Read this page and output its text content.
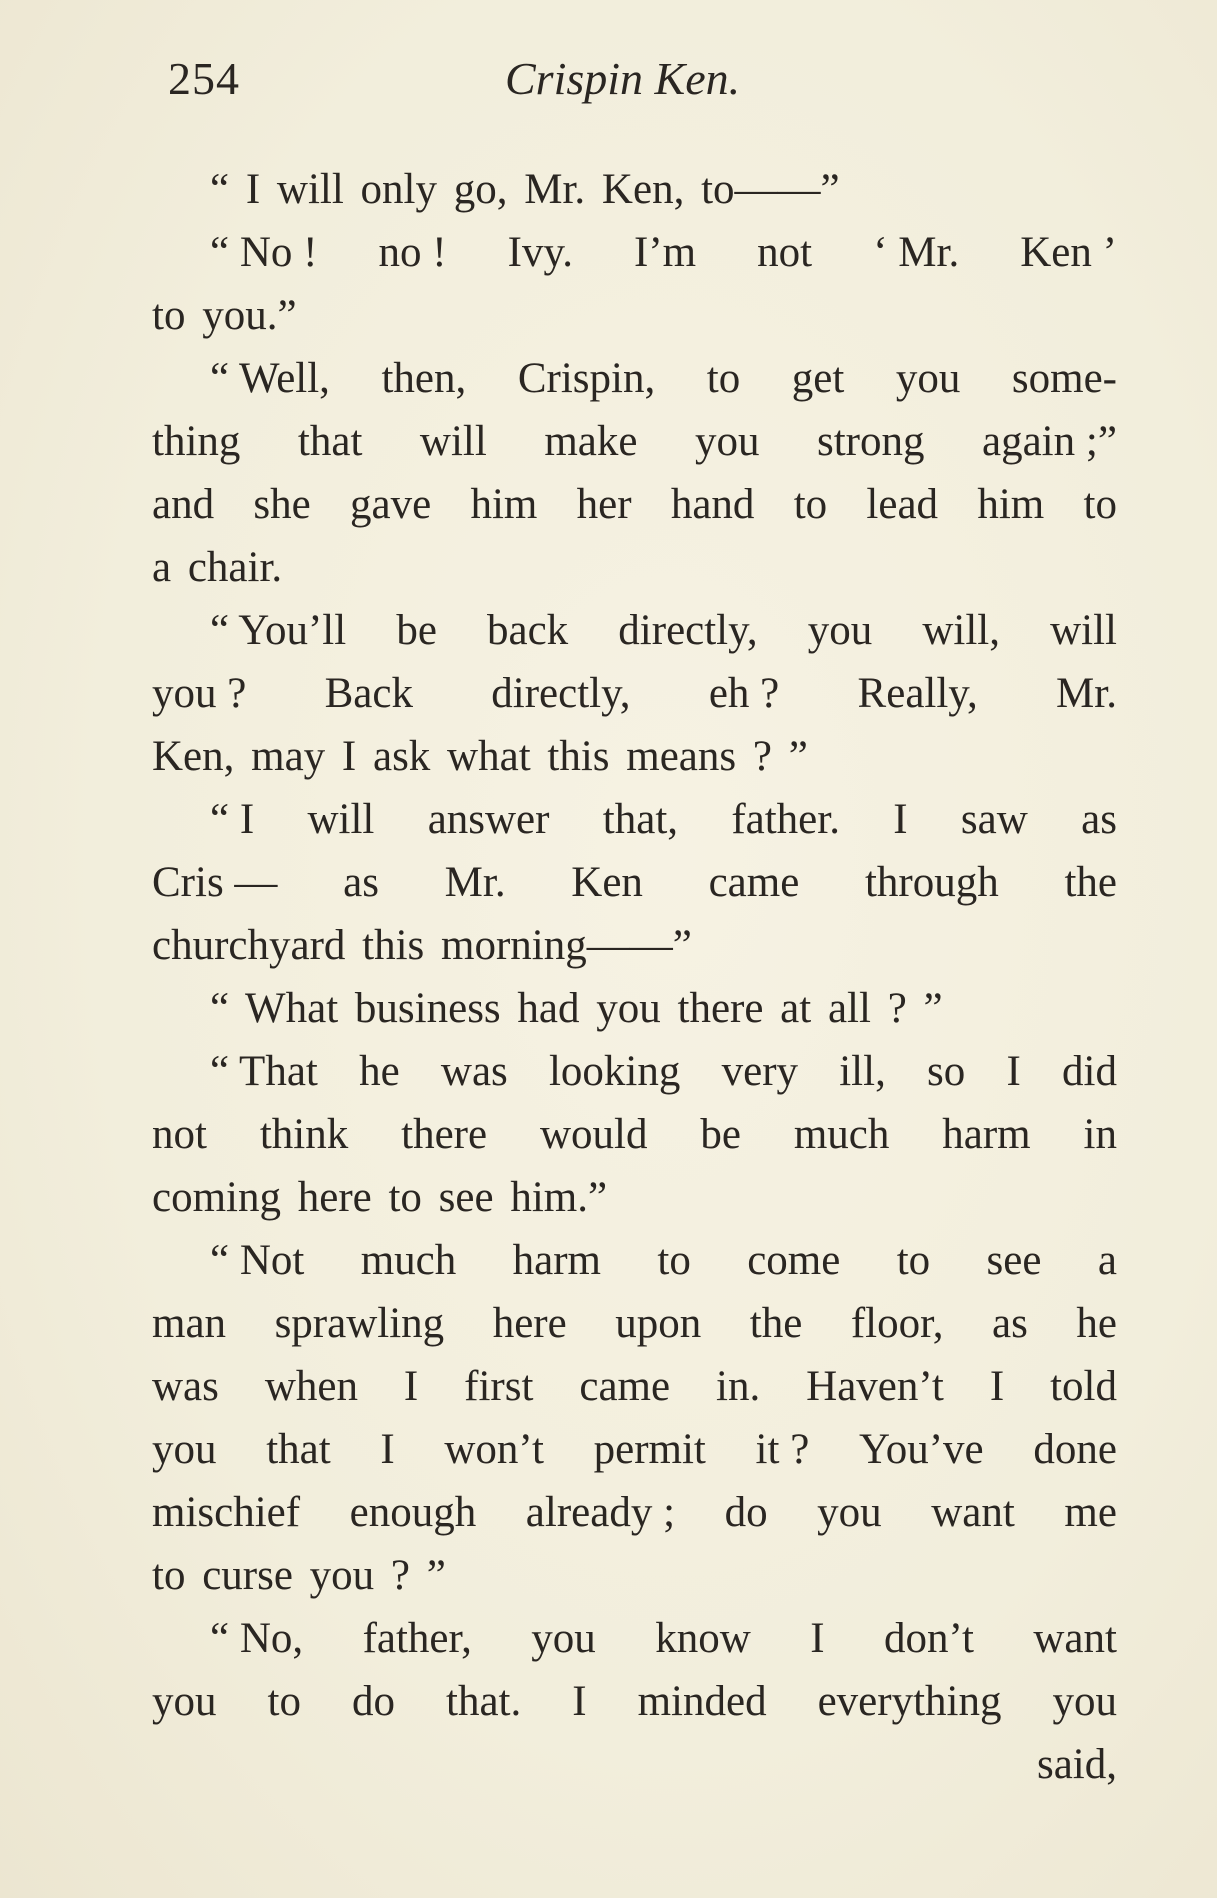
254	Crispin Ken.
“ I will only go, Mr. Ken, to——”
“ No ! no ! Ivy. I’m not ‘ Mr. Ken ’
to you.”
“ Well, then, Crispin, to get you some-
thing that will make you strong again ;”
and she gave him her hand to lead him to
a chair.
“ You’ll be back directly, you will, will
you ? Back directly, eh ? Really, Mr.
Ken, may I ask what this means ? ”
“ I will answer that, father. I saw as
Cris — as Mr. Ken came through the
churchyard this morning——”
“ What business had you there at all ? ”
“ That he was looking very ill, so I did
not think there would be much harm in
coming here to see him.”
“ Not much harm to come to see a
man sprawling here upon the floor, as he
was when I first came in. Haven’t I told
you that I won’t permit it ? You’ve done
mischief enough already ; do you want me
to curse you ? ”
“ No, father, you know I don’t want
you to do that. I minded everything you
said,
